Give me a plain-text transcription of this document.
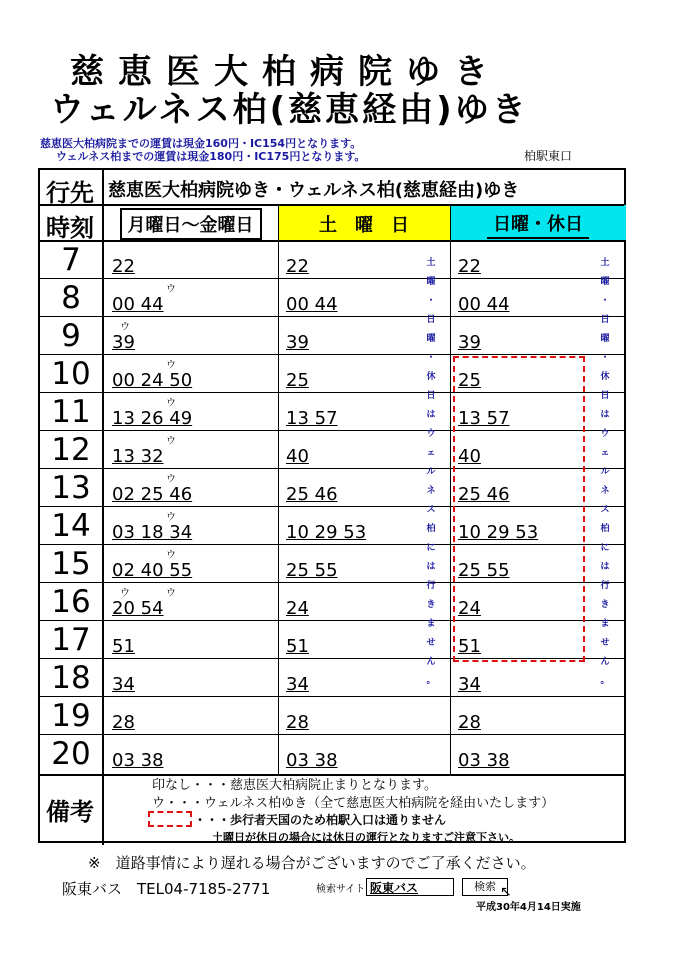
慈恵医大柏病院ゆき
ウェルネス柏(慈恵経由)ゆき
慈恵医大柏病院までの運賃は現金160円・IC154円となります。
ウェルネス柏までの運賃は現金180円・IC175円となります。	柏駅東口
行先 慈恵医大柏病院ゆき・ウェルネス柏(慈恵経由)ゆき
時刻	月曜日～金曜日	土　曜　日	日曜・休日
7	22	22	22
8	00 44	00 44	00 44
9	39	39	39
10	00 24 50	25	25
11	13 26 49	13 57	13 57
12	13 32	40	40
13	02 25 46	25 46	25 46
14	03 18 34	10 29 53	10 29 53
15	02 40 55	25 55	25 55
16	20 54	24	24
17	51	51	51
18	34	34	34
19	28	28	28
20	03 38	03 38	03 38
ウ
ウ
ウ
ウ
ウ
ウ
ウ
ウ
ウ	ウ
土
曜
・
日
曜
・
休
日
は
ウ
ェ
ル
ネ
ス
柏
に
は
行
き
ま
せ
ん
。
土
曜
・
日
曜
・
休
日
は
ウ
ェ
ル
ネ
ス
柏
に
は
行
き
ま
せ
ん
。
備考
印なし・・・慈恵医大柏病院止まりとなります。
ウ・・・ウェルネス柏ゆき（全て慈恵医大柏病院を経由いたします）
・・・歩行者天国のため柏駅入口は通りません
土曜日が休日の場合には休日の運行となりますご注意下さい。
※　道路事情により遅れる場合がございますのでご了承ください。
阪東バス　TEL04-7185-2771	検索サイト 阪東バス	検索 ↖
平成30年4月14日実施
